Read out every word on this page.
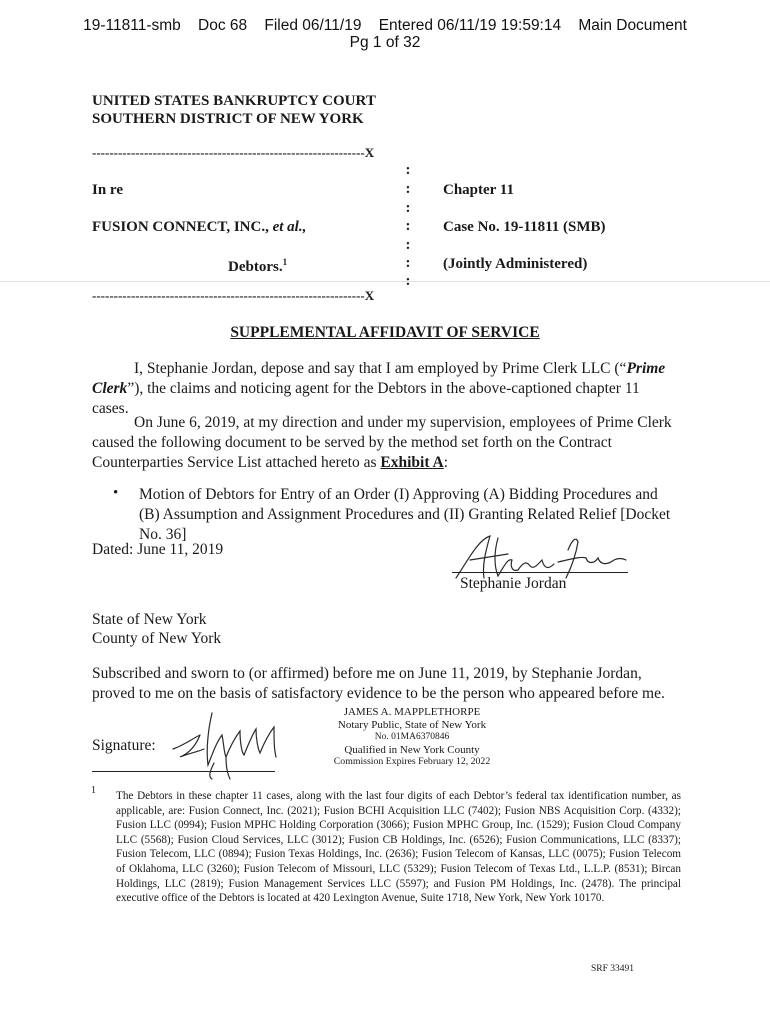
19-11811-smb Doc 68 Filed 06/11/19 Entered 06/11/19 19:59:14 Main Document
Pg 1 of 32
UNITED STATES BANKRUPTCY COURT
SOUTHERN DISTRICT OF NEW YORK
---------------------------------------------------------------X
:
:
:
:
:
:
In re
FUSION CONNECT, INC., et al.,
Debtors.$^1$
Chapter 11
Case No. 19-11811 (SMB)
(Jointly Administered)
---------------------------------------------------------------X
SUPPLEMENTAL AFFIDAVIT OF SERVICE
I, Stephanie Jordan, depose and say that I am employed by Prime Clerk LLC (“Prime Clerk”), the claims and noticing agent for the Debtors in the above-captioned chapter 11 cases.
On June 6, 2019, at my direction and under my supervision, employees of Prime Clerk caused the following document to be served by the method set forth on the Contract Counterparties Service List attached hereto as Exhibit A:
• Motion of Debtors for Entry of an Order (I) Approving (A) Bidding Procedures and (B) Assumption and Assignment Procedures and (II) Granting Related Relief [Docket No. 36]
Dated: June 11, 2019
Stephanie Jordan
State of New York
County of New York
Subscribed and sworn to (or affirmed) before me on June 11, 2019, by Stephanie Jordan, proved to me on the basis of satisfactory evidence to be the person who appeared before me.
JAMES A. MAPPLETHORPE
Notary Public, State of New York
No. 01MA6370846
Qualified in New York County
Commission Expires February 12, 2022
Signature:
1 The Debtors in these chapter 11 cases, along with the last four digits of each Debtor’s federal tax identification number, as applicable, are: Fusion Connect, Inc. (2021); Fusion BCHI Acquisition LLC (7402); Fusion NBS Acquisition Corp. (4332); Fusion LLC (0994); Fusion MPHC Holding Corporation (3066); Fusion MPHC Group, Inc. (1529); Fusion Cloud Company LLC (5568); Fusion Cloud Services, LLC (3012); Fusion CB Holdings, Inc. (6526); Fusion Communications, LLC (8337); Fusion Telecom, LLC (0894); Fusion Texas Holdings, Inc. (2636); Fusion Telecom of Kansas, LLC (0075); Fusion Telecom of Oklahoma, LLC (3260); Fusion Telecom of Missouri, LLC (5329); Fusion Telecom of Texas Ltd., L.L.P. (8531); Bircan Holdings, LLC (2819); Fusion Management Services LLC (5597); and Fusion PM Holdings, Inc. (2478). The principal executive office of the Debtors is located at 420 Lexington Avenue, Suite 1718, New York, New York 10170.
SRF 33491
